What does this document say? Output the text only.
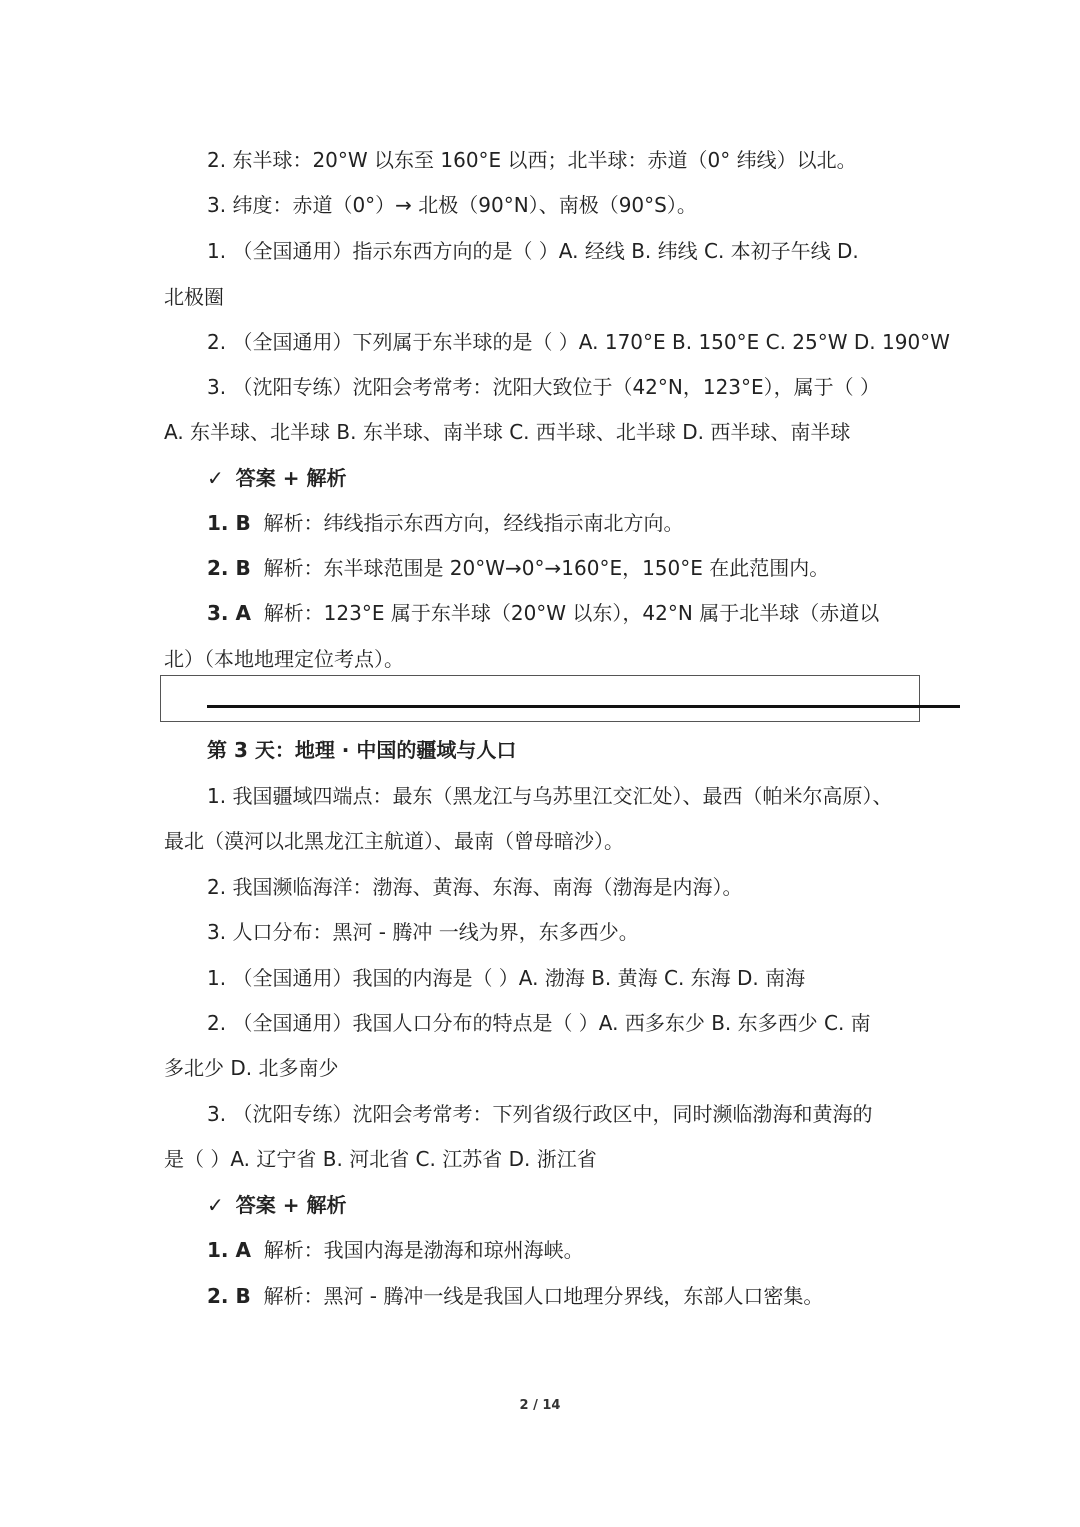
2. 东半球：20°W 以东至 160°E 以西；北半球：赤道（0° 纬线）以北。
3. 纬度：赤道（0°）→ 北极（90°N）、南极（90°S）。
1. （全国通用）指示东西方向的是（ ）A. 经线 B. 纬线 C. 本初子午线 D.
北极圈
2. （全国通用）下列属于东半球的是（ ）A. 170°E B. 150°E C. 25°W D. 190°W
3. （沈阳专练）沈阳会考常考：沈阳大致位于（42°N，123°E），属于（ ）
A. 东半球、北半球 B. 东半球、南半球 C. 西半球、北半球 D. 西半球、南半球
✓ 答案 + 解析
1. B 解析：纬线指示东西方向，经线指示南北方向。
2. B 解析：东半球范围是 20°W→0°→160°E，150°E 在此范围内。
3. A 解析：123°E 属于东半球（20°W 以东），42°N 属于北半球（赤道以
北）（本地地理定位考点）。
第 3 天：地理 · 中国的疆域与人口
1. 我国疆域四端点：最东（黑龙江与乌苏里江交汇处）、最西（帕米尔高原）、
最北（漠河以北黑龙江主航道）、最南（曾母暗沙）。
2. 我国濒临海洋：渤海、黄海、东海、南海（渤海是内海）。
3. 人口分布：黑河 - 腾冲 一线为界，东多西少。
1. （全国通用）我国的内海是（ ）A. 渤海 B. 黄海 C. 东海 D. 南海
2. （全国通用）我国人口分布的特点是（ ）A. 西多东少 B. 东多西少 C. 南
多北少 D. 北多南少
3. （沈阳专练）沈阳会考常考：下列省级行政区中，同时濒临渤海和黄海的
是（ ）A. 辽宁省 B. 河北省 C. 江苏省 D. 浙江省
✓ 答案 + 解析
1. A 解析：我国内海是渤海和琼州海峡。
2. B 解析：黑河 - 腾冲一线是我国人口地理分界线，东部人口密集。
2 / 14
